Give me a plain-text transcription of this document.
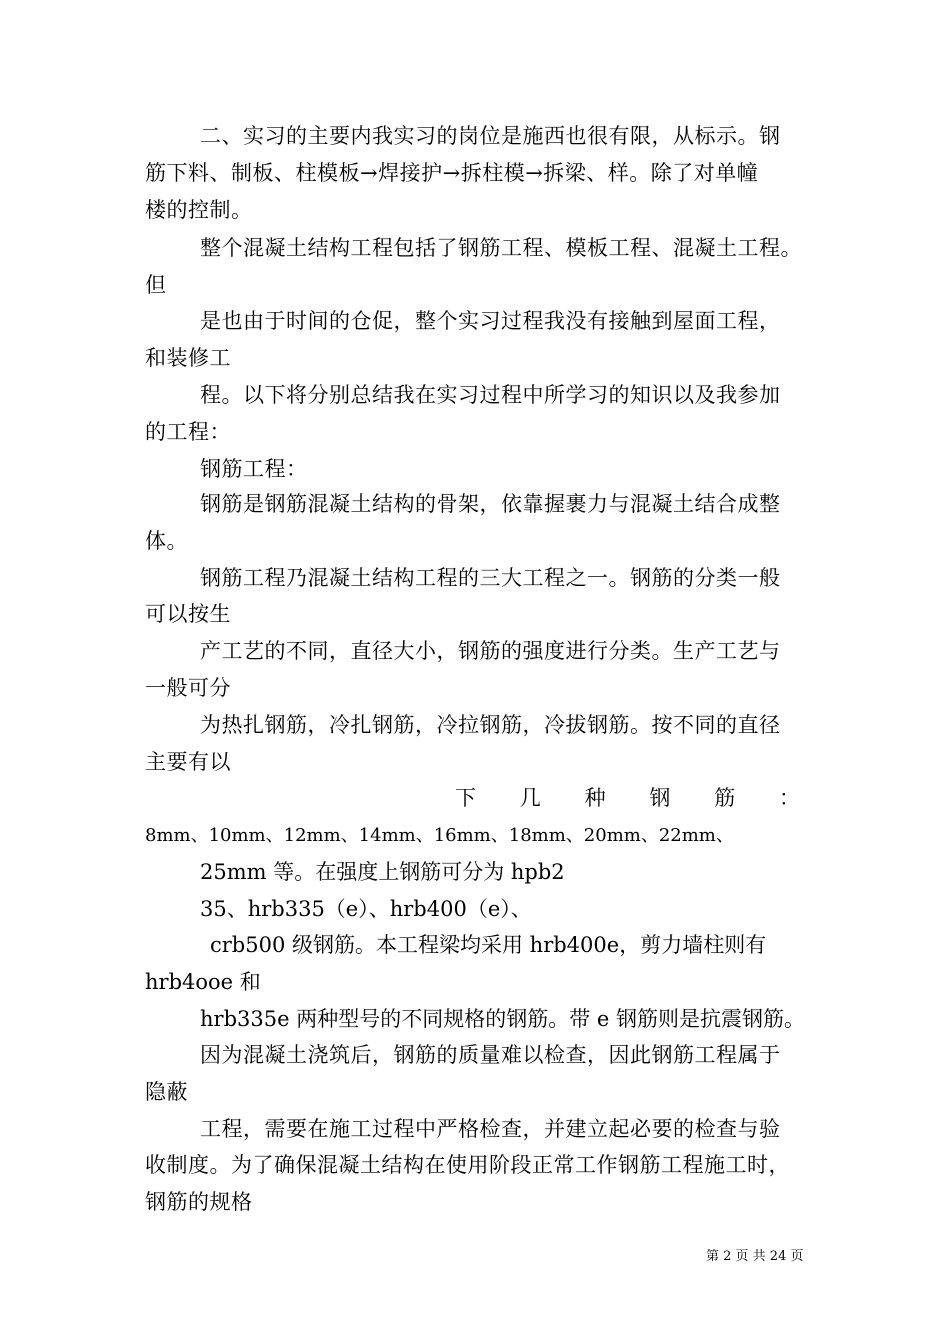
二、实习的主要内我实习的岗位是施西也很有限，从标示。钢
筋下料、制板、柱模板→焊接护→拆柱模→拆梁、样。除了对单幢
楼的控制。
整个混凝土结构工程包括了钢筋工程、模板工程、混凝土工程。
但
是也由于时间的仓促，整个实习过程我没有接触到屋面工程，
和装修工
程。以下将分别总结我在实习过程中所学习的知识以及我参加
的工程：
钢筋工程：
钢筋是钢筋混凝土结构的骨架，依靠握裹力与混凝土结合成整
体。
钢筋工程乃混凝土结构工程的三大工程之一。钢筋的分类一般
可以按生
产工艺的不同，直径大小，钢筋的强度进行分类。生产工艺与
一般可分
为热扎钢筋，冷扎钢筋，冷拉钢筋，冷拔钢筋。按不同的直径
主要有以
下 几 种 钢 筋 ：
8mm、10mm、12mm、14mm、16mm、18mm、20mm、22mm、
25mm 等。在强度上钢筋可分为 hpb2
35、hrb335（e）、hrb400（e）、
crb500 级钢筋。本工程梁均采用 hrb400e，剪力墙柱则有
hrb4ooe 和
hrb335e 两种型号的不同规格的钢筋。带 e 钢筋则是抗震钢筋。
因为混凝土浇筑后，钢筋的质量难以检查，因此钢筋工程属于
隐蔽
工程，需要在施工过程中严格检查，并建立起必要的检查与验
收制度。为了确保混凝土结构在使用阶段正常工作钢筋工程施工时，
钢筋的规格
第 2 页 共 24 页
